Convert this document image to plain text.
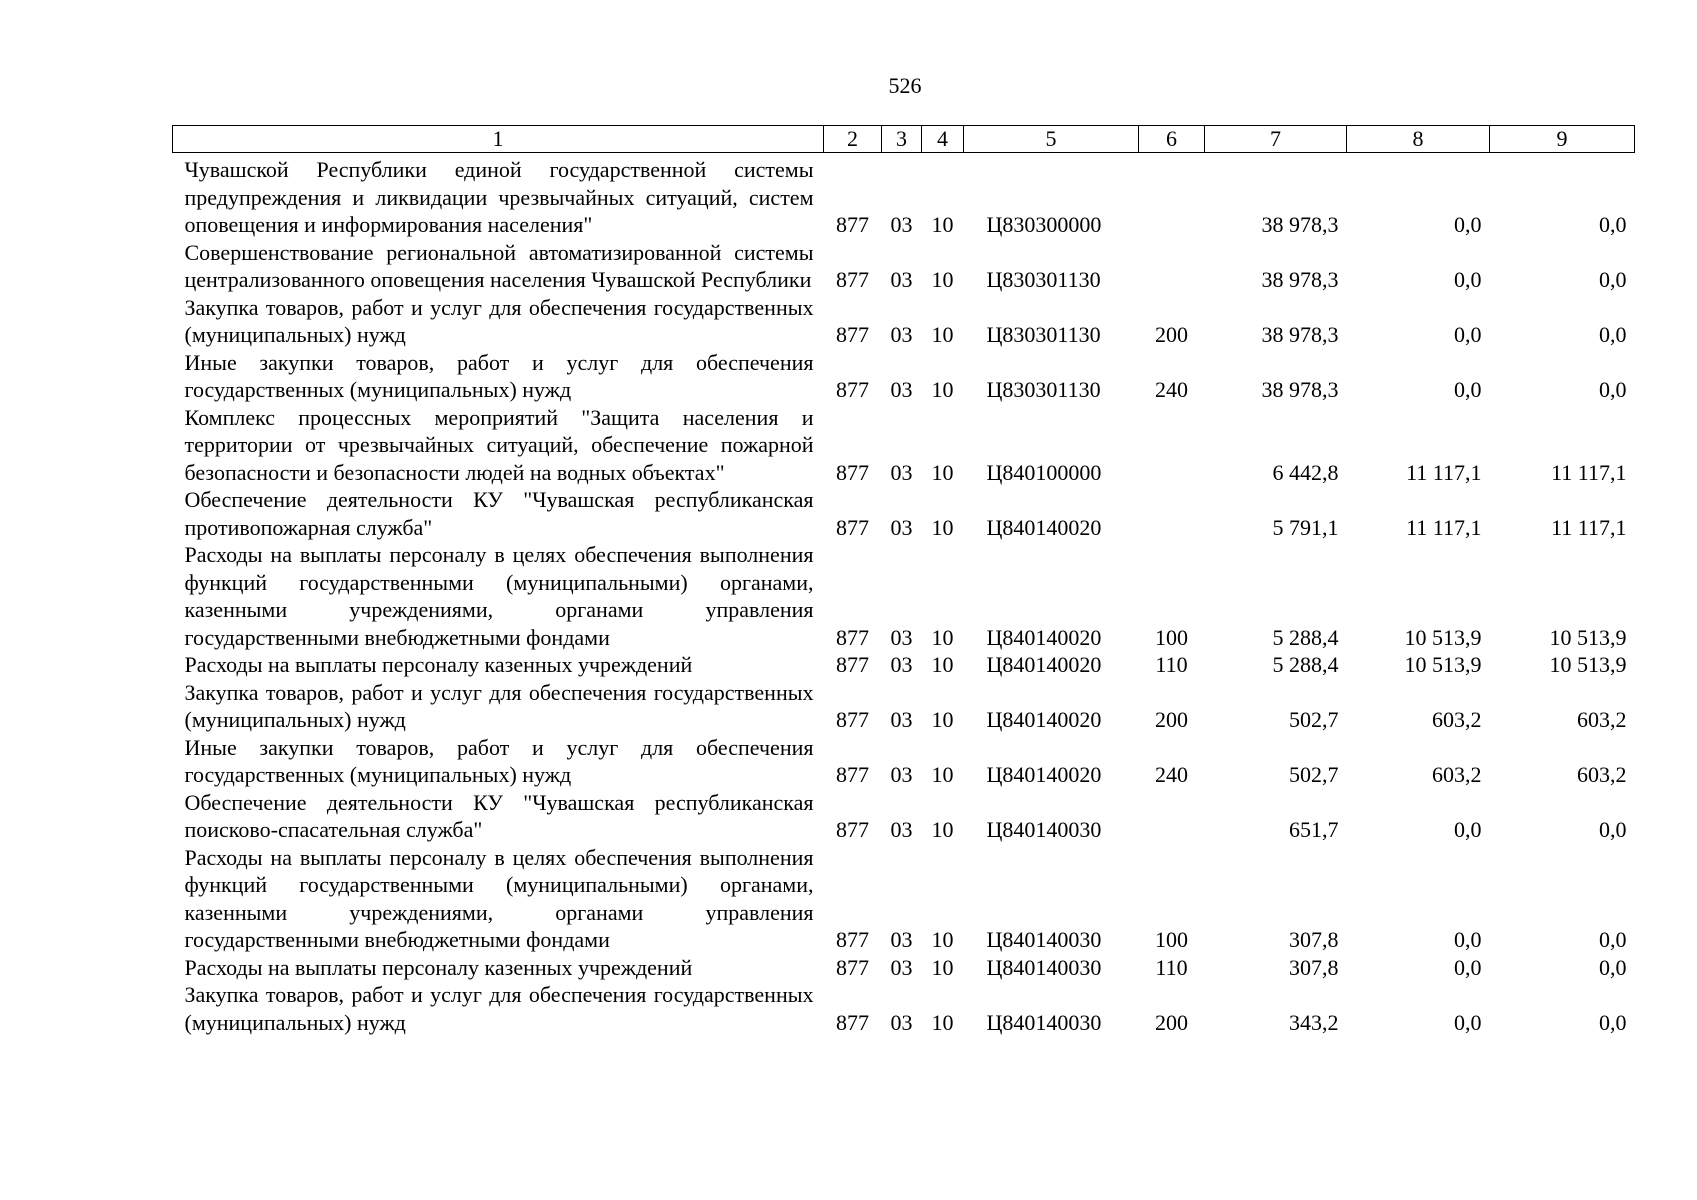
526
1	2	3	4	5	6	7	8	9
Чувашской Республики единой государственной системы предупреждения и ликвидации чрезвычайных ситуаций, систем оповещения и информирования населения"	877	03	10	Ц830300000		38 978,3	0,0	0,0
Совершенствование региональной автоматизированной системы централизованного оповещения населения Чувашской Республики	877	03	10	Ц830301130		38 978,3	0,0	0,0
Закупка товаров, работ и услуг для обеспечения государственных (муниципальных) нужд	877	03	10	Ц830301130	200	38 978,3	0,0	0,0
Иные закупки товаров, работ и услуг для обеспечения государственных (муниципальных) нужд	877	03	10	Ц830301130	240	38 978,3	0,0	0,0
Комплекс процессных мероприятий "Защита населения и территории от чрезвычайных ситуаций, обеспечение пожарной безопасности и безопасности людей на водных объектах"	877	03	10	Ц840100000		6 442,8	11 117,1	11 117,1
Обеспечение деятельности КУ "Чувашская республиканская противопожарная служба"	877	03	10	Ц840140020		5 791,1	11 117,1	11 117,1
Расходы на выплаты персоналу в целях обеспечения выполнения функций государственными (муниципальными) органами, казенными учреждениями, органами управления государственными внебюджетными фондами	877	03	10	Ц840140020	100	5 288,4	10 513,9	10 513,9
Расходы на выплаты персоналу казенных учреждений	877	03	10	Ц840140020	110	5 288,4	10 513,9	10 513,9
Закупка товаров, работ и услуг для обеспечения государственных (муниципальных) нужд	877	03	10	Ц840140020	200	502,7	603,2	603,2
Иные закупки товаров, работ и услуг для обеспечения государственных (муниципальных) нужд	877	03	10	Ц840140020	240	502,7	603,2	603,2
Обеспечение деятельности КУ "Чувашская республиканская поисково-спасательная служба"	877	03	10	Ц840140030		651,7	0,0	0,0
Расходы на выплаты персоналу в целях обеспечения выполнения функций государственными (муниципальными) органами, казенными учреждениями, органами управления государственными внебюджетными фондами	877	03	10	Ц840140030	100	307,8	0,0	0,0
Расходы на выплаты персоналу казенных учреждений	877	03	10	Ц840140030	110	307,8	0,0	0,0
Закупка товаров, работ и услуг для обеспечения государственных (муниципальных) нужд	877	03	10	Ц840140030	200	343,2	0,0	0,0
